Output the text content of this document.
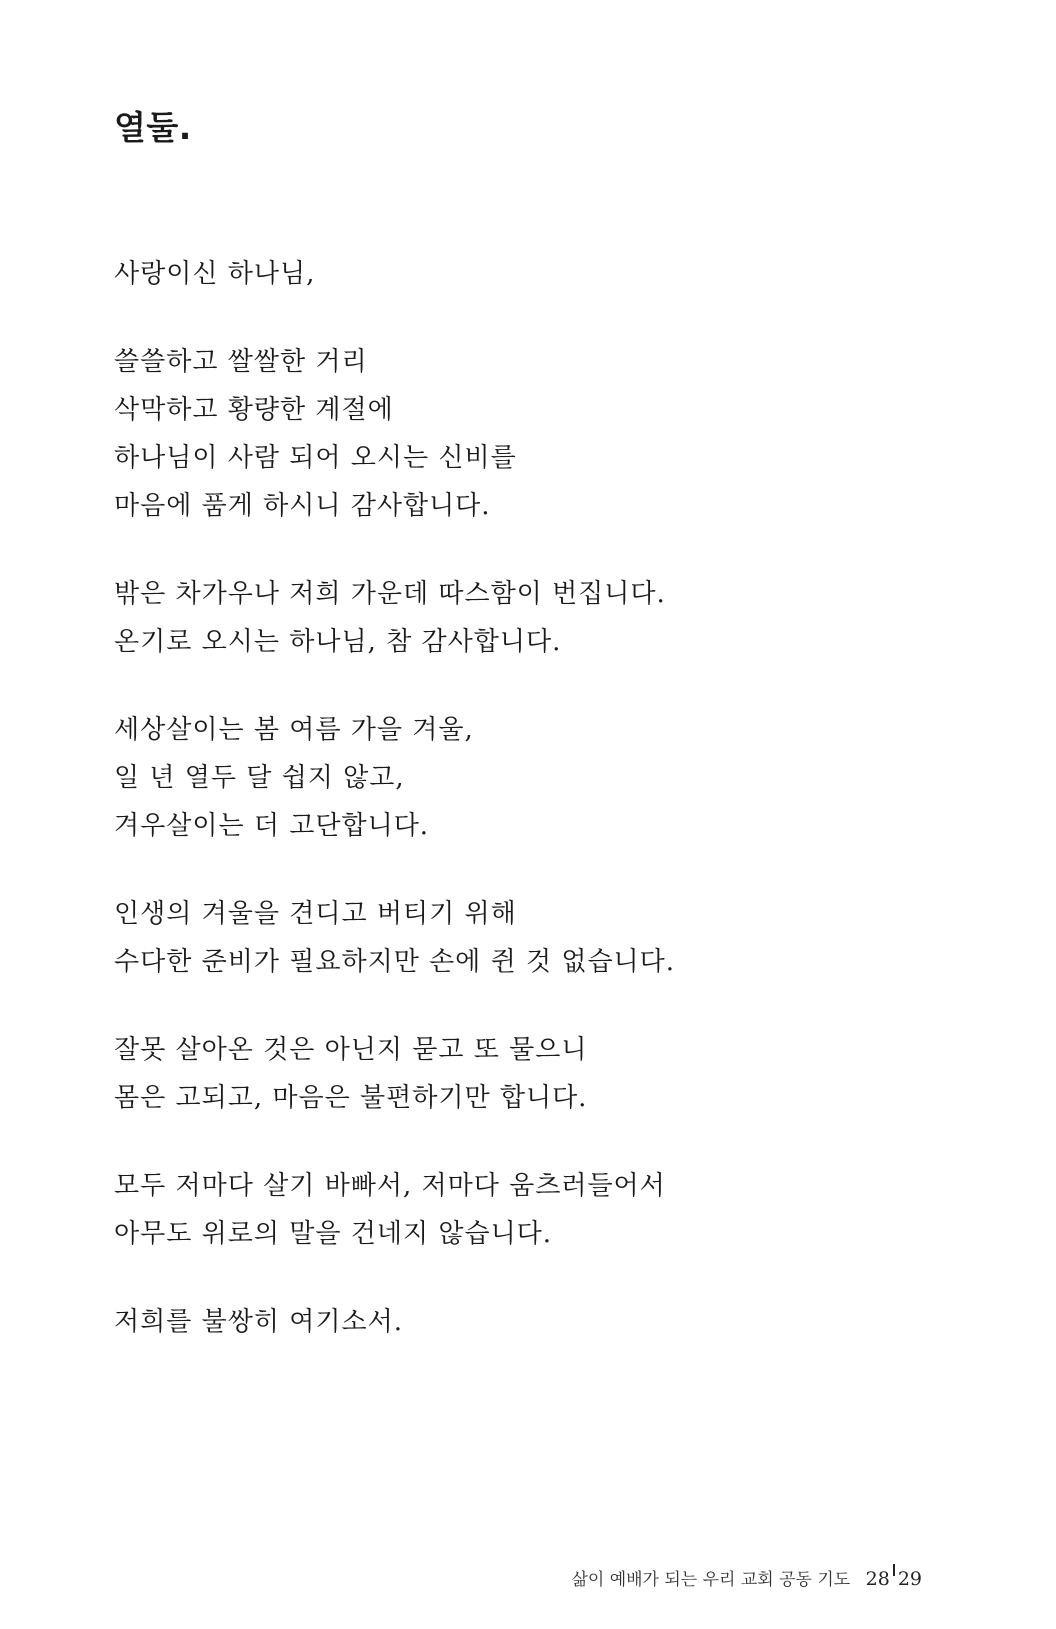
열둘.
사랑이신 하나님,
쓸쓸하고 쌀쌀한 거리
삭막하고 황량한 계절에
하나님이 사람 되어 오시는 신비를
마음에 품게 하시니 감사합니다.
밖은 차가우나 저희 가운데 따스함이 번집니다.
온기로 오시는 하나님, 참 감사합니다.
세상살이는 봄 여름 가을 겨울,
일 년 열두 달 쉽지 않고,
겨우살이는 더 고단합니다.
인생의 겨울을 견디고 버티기 위해
수다한 준비가 필요하지만 손에 쥔 것 없습니다.
잘못 살아온 것은 아닌지 묻고 또 물으니
몸은 고되고, 마음은 불편하기만 합니다.
모두 저마다 살기 바빠서, 저마다 움츠러들어서
아무도 위로의 말을 건네지 않습니다.
저희를 불쌍히 여기소서.
삶이 예배가 되는 우리 교회 공동 기도 28 29
